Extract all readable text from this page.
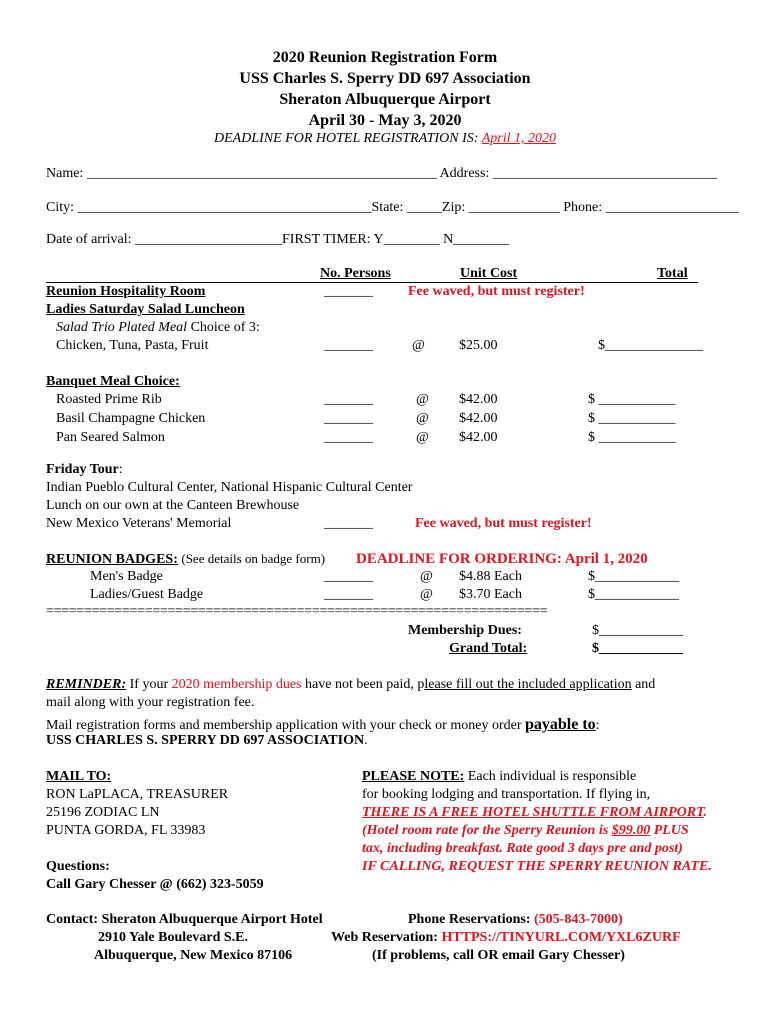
2020 Reunion Registration Form
USS Charles S. Sperry DD 697 Association
Sheraton Albuquerque Airport
April 30 - May 3, 2020
DEADLINE FOR HOTEL REGISTRATION IS: April 1, 2020
Name: __________________________________________________ Address: ________________________________
City: __________________________________________State: _____Zip: _____________ Phone: ___________________
Date of arrival: _____________________FIRST TIMER: Y________ N________
No. Persons	Unit Cost	Total
Reunion Hospitality Room	_______	Fee waved, but must register!
Ladies Saturday Salad Luncheon
Salad Trio Plated Meal Choice of 3:
Chicken, Tuna, Pasta, Fruit	_______	@ $25.00	$______________
Banquet Meal Choice:
Roasted Prime Rib	_______	@ $42.00	$ ___________
Basil Champagne Chicken	_______	@ $42.00	$ ___________
Pan Seared Salmon	_______	@ $42.00	$ ___________
Friday Tour:
Indian Pueblo Cultural Center, National Hispanic Cultural Center
Lunch on our own at the Canteen Brewhouse
New Mexico Veterans' Memorial	_______	Fee waved, but must register!
REUNION BADGES: (See details on badge form) DEADLINE FOR ORDERING: April 1, 2020
Men's Badge	_______	@ $4.88 Each	$____________
Ladies/Guest Badge	_______	@ $3.70 Each	$____________
==================================================================
Membership Dues:	$____________
Grand Total:	$____________
REMINDER: If your 2020 membership dues have not been paid, please fill out the included application and
mail along with your registration fee.
Mail registration forms and membership application with your check or money order payable to:
USS CHARLES S. SPERRY DD 697 ASSOCIATION.
MAIL TO:
RON LaPLACA, TREASURER
25196 ZODIAC LN
PUNTA GORDA, FL 33983
Questions:
Call Gary Chesser @ (662) 323-5059
PLEASE NOTE: Each individual is responsible
for booking lodging and transportation. If flying in,
THERE IS A FREE HOTEL SHUTTLE FROM AIRPORT.
(Hotel room rate for the Sperry Reunion is $99.00 PLUS
tax, including breakfast. Rate good 3 days pre and post)
IF CALLING, REQUEST THE SPERRY REUNION RATE.
Contact: Sheraton Albuquerque Airport Hotel
2910 Yale Boulevard S.E.
Albuquerque, New Mexico 87106
Phone Reservations: (505-843-7000)
Web Reservation: HTTPS://TINYURL.COM/YXL6ZURF
(If problems, call OR email Gary Chesser)
